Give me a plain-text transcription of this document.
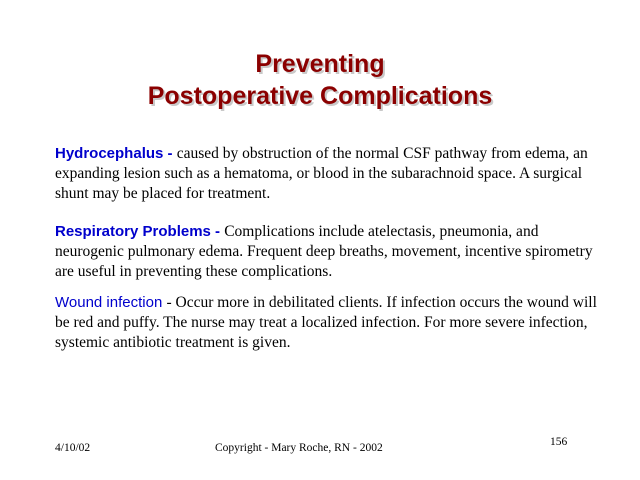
Preventing
Postoperative Complications
Hydrocephalus - caused by obstruction of the normal CSF pathway from edema, an expanding lesion such as a hematoma, or blood in the subarachnoid space. A surgical shunt may be placed for treatment.
Respiratory Problems - Complications include atelectasis, pneumonia, and neurogenic pulmonary edema. Frequent deep breaths, movement, incentive spirometry are useful in preventing these complications.
Wound infection - Occur more in debilitated clients. If infection occurs the wound will be red and puffy. The nurse may treat a localized infection. For more severe infection, systemic antibiotic treatment is given.
4/10/02	Copyright - Mary Roche, RN - 2002	156
